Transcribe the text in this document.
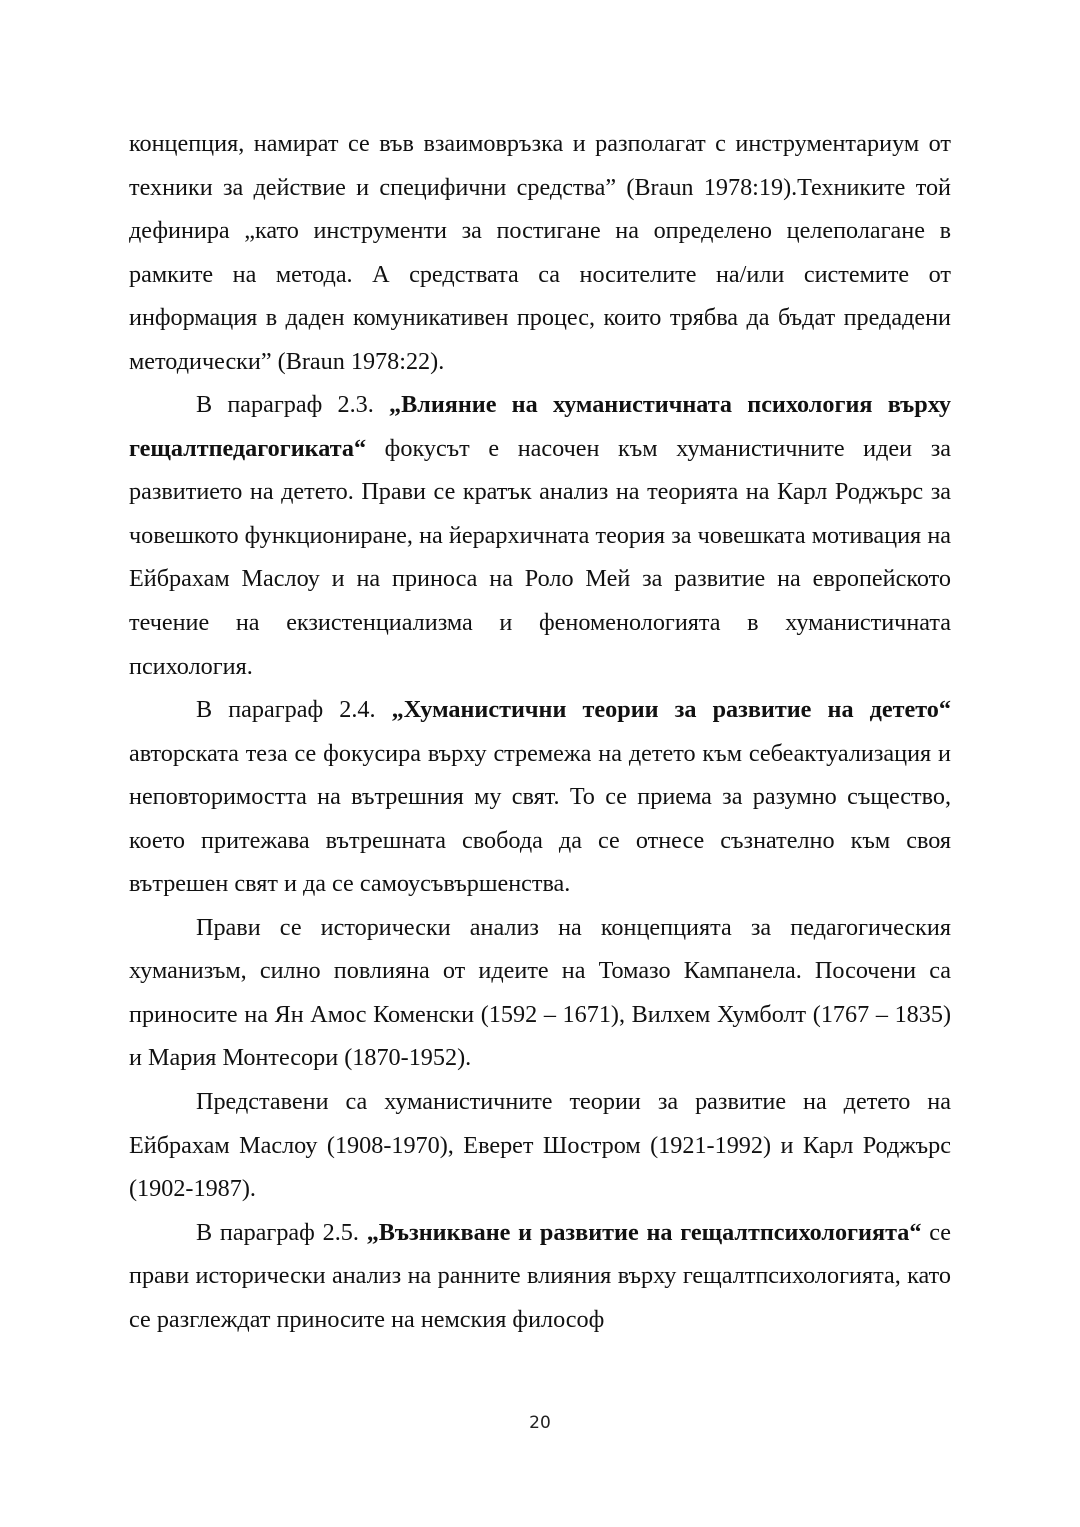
концепция, намират се във взаимовръзка и разполагат с инструментариум от техники за действие и специфични средства” (Braun 1978:19).Техниките той дефинира „като инструменти за постигане на определено целеполагане в рамките на метода. А средствата са носителите на/или системите от информация в даден комуникативен процес, които трябва да бъдат предадени методически” (Braun 1978:22).

В параграф 2.3. „Влияние на хуманистичната психология върху гещалтпедагогиката“ фокусът е насочен към хуманистичните идеи за развитието на детето. Прави се кратък анализ на теорията на Карл Роджърс за човешкото функциониране, на йерархичната теория за човешката мотивация на Ейбрахам Маслоу и на приноса на Роло Мей за развитие на европейското течение на екзистенциализма и феноменологията в хуманистичната психология.

В параграф 2.4. „Хуманистични теории за развитие на детето“ авторската теза се фокусира върху стремежа на детето към себеактуализация и неповторимостта на вътрешния му свят. То се приема за разумно същество, което притежава вътрешната свобода да се отнесе съзнателно към своя вътрешен свят и да се самоусъвършенства.

Прави се исторически анализ на концепцията за педагогическия хуманизъм, силно повлияна от идеите на Томазо Кампанела. Посочени са приносите на Ян Амос Коменски (1592 – 1671), Вилхем Хумболт (1767 – 1835) и Мария Монтесори (1870-1952).

Представени са хуманистичните теории за развитие на детето на Ейбрахам Маслоу (1908-1970), Еверет Шостром (1921-1992) и Карл Роджърс (1902-1987).

В параграф 2.5. „Възникване и развитие на гещалтпсихологията“ се прави исторически анализ на ранните влияния върху гещалтпсихологията, като се разглеждат приносите на немския философ

20
